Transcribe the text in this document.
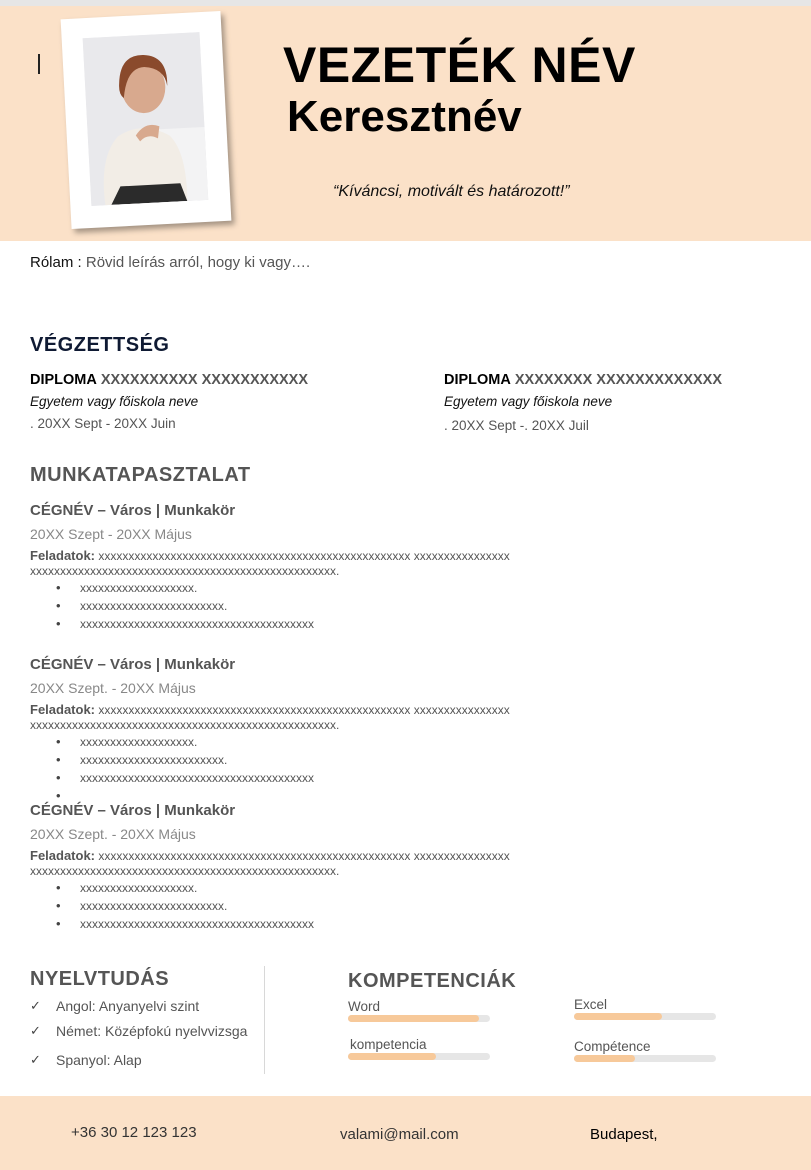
VEZETÉK NÉV
Keresztnév
“Kíváncsi, motivált és határozott!”
Rólam : Rövid leírás arról, hogy ki vagy….
VÉGZETTSÉG
DIPLOMA XXXXXXXXXX XXXXXXXXXXX
Egyetem vagy főiskola neve
. 20XX Sept - 20XX Juin
DIPLOMA XXXXXXXX XXXXXXXXXXXXX
Egyetem vagy főiskola neve
. 20XX Sept -. 20XX Juil
MUNKATAPASZTALAT
CÉGNÉV – Város | Munkakör
20XX Szept - 20XX Május
Feladatok: xxxxxxxxxxxxxxxxxxxxxxxxxxxxxxxxxxxxxxxxxxxxxxxxxxxx xxxxxxxxxxxxxxxx xxxxxxxxxxxxxxxxxxxxxxxxxxxxxxxxxxxxxxxxxxxxxxxxxxx.
• xxxxxxxxxxxxxxxxxxx.
• xxxxxxxxxxxxxxxxxxxxxxxx.
• xxxxxxxxxxxxxxxxxxxxxxxxxxxxxxxxxxxxxxx
CÉGNÉV – Város | Munkakör
20XX Szept. - 20XX Május
Feladatok: xxxxxxxxxxxxxxxxxxxxxxxxxxxxxxxxxxxxxxxxxxxxxxxxxxxx xxxxxxxxxxxxxxxx xxxxxxxxxxxxxxxxxxxxxxxxxxxxxxxxxxxxxxxxxxxxxxxxxxx.
• xxxxxxxxxxxxxxxxxxx.
• xxxxxxxxxxxxxxxxxxxxxxxx.
• xxxxxxxxxxxxxxxxxxxxxxxxxxxxxxxxxxxxxxx
•
CÉGNÉV – Város | Munkakör
20XX Szept. - 20XX Május
Feladatok: xxxxxxxxxxxxxxxxxxxxxxxxxxxxxxxxxxxxxxxxxxxxxxxxxxxx xxxxxxxxxxxxxxxx xxxxxxxxxxxxxxxxxxxxxxxxxxxxxxxxxxxxxxxxxxxxxxxxxxx.
• xxxxxxxxxxxxxxxxxxx.
• xxxxxxxxxxxxxxxxxxxxxxxx.
• xxxxxxxxxxxxxxxxxxxxxxxxxxxxxxxxxxxxxxx
NYELVTUDÁS
✓ Angol: Anyanyelvi szint
✓ Német: Középfokú nyelvvizsga
✓ Spanyol: Alap
KOMPETENCIÁK
Word	Excel
kompetencia	Compétence
+36 30 12 123 123	valami@mail.com	Budapest,
